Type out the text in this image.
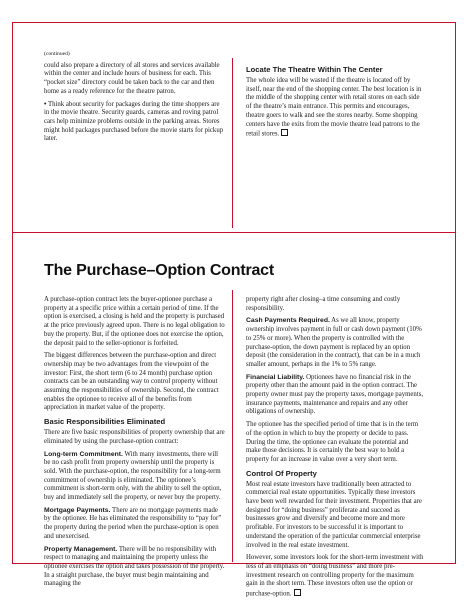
(continued)

could also prepare a directory of all stores and services available within the center and include hours of business for each. This “pocket size” directory could be taken back to the car and then home as a ready reference for the theatre patron.

• Think about security for packages during the time shoppers are in the movie theatre. Security guards, cameras and roving patrol cars help minimize problems outside in the parking areas. Stores might hold packages purchased before the movie starts for pickup later.

Locate The Theatre Within The Center

The whole idea will be wasted if the theatre is located off by itself, near the end of the shopping center. The best location is in the middle of the shopping center with retail stores on each side of the theatre’s main entrance. This permits and encourages, theatre goers to walk and see the stores nearby. Some shopping centers have the exits from the movie theatre lead patrons to the retail stores.

The Purchase–Option Contract

A purchase-option contract lets the buyer-optionee purchase a property at a specific price within a certain period of time. If the option is exercised, a closing is held and the property is purchased at the price previously agreed upon. There is no legal obligation to buy the property. But, if the optionee does not exercise the option, the deposit paid to the seller-optionor is forfeited.

The biggest differences between the purchase-option and direct ownership may be two advantages from the viewpoint of the investor: First, the short term (6 to 24 month) purchase option contracts can be an outstanding way to control property without assuming the responsibilities of ownership. Second, the contract enables the optionee to receive all of the benefits from appreciation in market value of the property.

Basic Responsibilities Eliminated

There are five basic responsibilities of property ownership that are eliminated by using the purchase-option contract:

Long-term Commitment. With many investments, there will be no cash profit from property ownership until the property is sold. With the purchase-option, the responsibility for a long-term commitment of ownership is eliminated. The optionee’s commitment is short-term only, with the ability to sell the option, buy and immediately sell the property, or never buy the property.

Mortgage Payments. There are no mortgage payments made by the optionee. He has eliminated the responsibility to “pay for” the property during the period when the purchase-option is open and unexercised.

Property Management. There will be no responsibility with respect to managing and maintaining the property unless the optionee exercises the option and takes possession of the property. In a straight purchase, the buyer must begin maintaining and managing the

property right after closing–a time consuming and costly responsibility.

Cash Payments Required. As we all know, property ownership involves payment in full or cash down payment (10% to 25% or more). When the property is controlled with the purchase-option, the down payment is replaced by an option deposit (the consideration in the contract), that can be in a much smaller amount, perhaps in the 1% to 5% range.

Financial Liability. Optionees have no financial risk in the property other than the amount paid in the option contract. The property owner must pay the property taxes, mortgage payments, insurance payments, maintenance and repairs and any other obligations of ownership.

The optionee has the specified period of time that is in the term of the option in which to buy the property or decide to pass. During the time, the optionee can evaluate the potential and make those decisions. It is certainly the best way to hold a property for an increase in value over a very short term.

Control Of Property

Most real estate investors have traditionally been attracted to commercial real estate opportunities. Typically these investors have been well rewarded for their investment. Properties that are designed for “doing business” proliferate and succeed as businesses grow and diversify and become more and more profitable. For investors to be successful it is important to understand the operation of the particular commercial enterprise involved in the real estate investment.

However, some investors look for the short-term investment with less of an emphasis on “doing business” and more pre-investment research on controlling property for the maximum gain in the short term. These investors often use the option or purchase-option.
